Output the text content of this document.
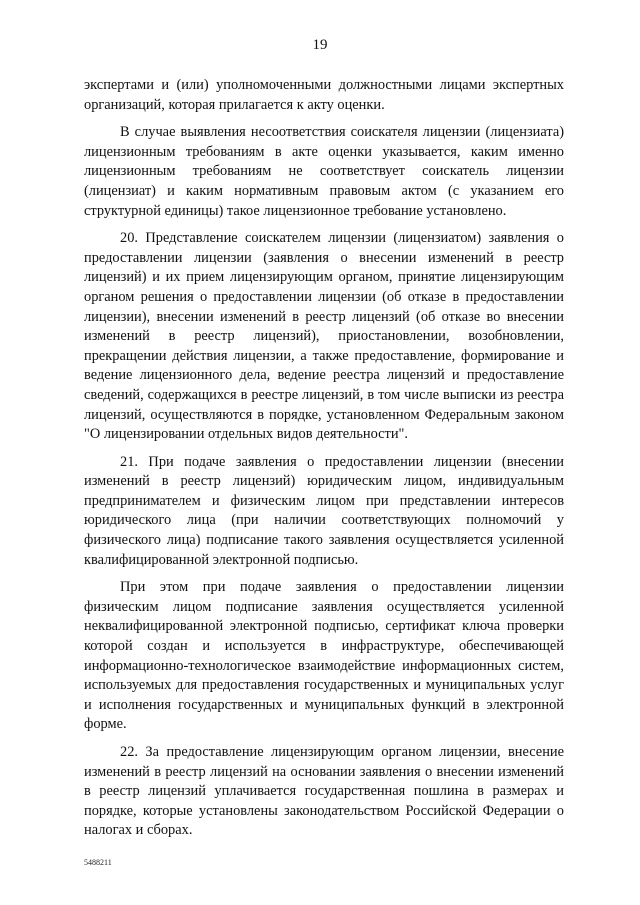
19

экспертами и (или) уполномоченными должностными лицами экспертных организаций, которая прилагается к акту оценки.

В случае выявления несоответствия соискателя лицензии (лицензиата) лицензионным требованиям в акте оценки указывается, каким именно лицензионным требованиям не соответствует соискатель лицензии (лицензиат) и каким нормативным правовым актом (с указанием его структурной единицы) такое лицензионное требование установлено.

20. Представление соискателем лицензии (лицензиатом) заявления о предоставлении лицензии (заявления о внесении изменений в реестр лицензий) и их прием лицензирующим органом, принятие лицензирующим органом решения о предоставлении лицензии (об отказе в предоставлении лицензии), внесении изменений в реестр лицензий (об отказе во внесении изменений в реестр лицензий), приостановлении, возобновлении, прекращении действия лицензии, а также предоставление, формирование и ведение лицензионного дела, ведение реестра лицензий и предоставление сведений, содержащихся в реестре лицензий, в том числе выписки из реестра лицензий, осуществляются в порядке, установленном Федеральным законом "О лицензировании отдельных видов деятельности".

21. При подаче заявления о предоставлении лицензии (внесении изменений в реестр лицензий) юридическим лицом, индивидуальным предпринимателем и физическим лицом при представлении интересов юридического лица (при наличии соответствующих полномочий у физического лица) подписание такого заявления осуществляется усиленной квалифицированной электронной подписью.

При этом при подаче заявления о предоставлении лицензии физическим лицом подписание заявления осуществляется усиленной неквалифицированной электронной подписью, сертификат ключа проверки которой создан и используется в инфраструктуре, обеспечивающей информационно-технологическое взаимодействие информационных систем, используемых для предоставления государственных и муниципальных услуг и исполнения государственных и муниципальных функций в электронной форме.

22. За предоставление лицензирующим органом лицензии, внесение изменений в реестр лицензий на основании заявления о внесении изменений в реестр лицензий уплачивается государственная пошлина в размерах и порядке, которые установлены законодательством Российской Федерации о налогах и сборах.

5488211
